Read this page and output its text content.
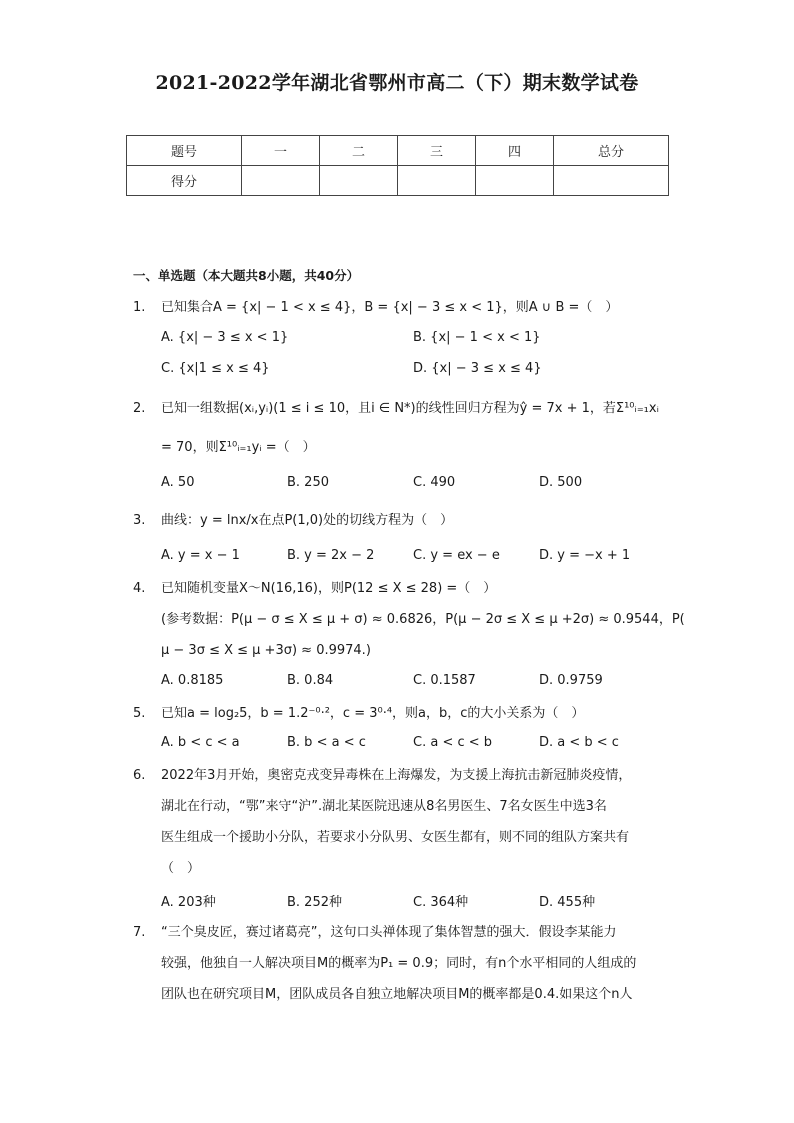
2021-2022学年湖北省鄂州市高二（下）期末数学试卷
题号	一	二	三	四	总分
得分					
一、单选题（本大题共8小题，共40分）
1.	已知集合A = {x| − 1 < x ≤ 4}，B = {x| − 3 ≤ x < 1}，则A ∪ B =（　）
A. {x| − 3 ≤ x < 1}	B. {x| − 1 < x < 1}
C. {x|1 ≤ x ≤ 4}	D. {x| − 3 ≤ x ≤ 4}
2.	已知一组数据(xᵢ,yᵢ)(1 ≤ i ≤ 10，且i ∈ N*)的线性回归方程为ŷ = 7x + 1，若Σ¹⁰ᵢ₌₁xᵢ
= 70，则Σ¹⁰ᵢ₌₁yᵢ =（　）
A. 50	B. 250	C. 490	D. 500
3.	曲线：y = lnx/x在点P(1,0)处的切线方程为（　）
A. y = x − 1	B. y = 2x − 2	C. y = ex − e	D. y = −x + 1
4.	已知随机变量X～N(16,16)，则P(12 ≤ X ≤ 28) =（　）
(参考数据：P(μ − σ ≤ X ≤ μ + σ) ≈ 0.6826，P(μ − 2σ ≤ X ≤ μ +2σ) ≈ 0.9544，P(
μ − 3σ ≤ X ≤ μ +3σ) ≈ 0.9974.)
A. 0.8185	B. 0.84	C. 0.1587	D. 0.9759
5.	已知a = log₂5，b = 1.2⁻⁰·²，c = 3⁰·⁴，则a，b，c的大小关系为（　）
A. b < c < a	B. b < a < c	C. a < c < b	D. a < b < c
6.	2022年3月开始，奥密克戎变异毒株在上海爆发，为支援上海抗击新冠肺炎疫情，
湖北在行动，“鄂”来守“沪”.湖北某医院迅速从8名男医生、7名女医生中选3名
医生组成一个援助小分队，若要求小分队男、女医生都有，则不同的组队方案共有
（　）
A. 203种	B. 252种	C. 364种	D. 455种
7.	“三个臭皮匠，赛过诸葛亮”，这句口头禅体现了集体智慧的强大．假设李某能力
较强，他独自一人解决项目M的概率为P₁ = 0.9；同时，有n个水平相同的人组成的
团队也在研究项目M，团队成员各自独立地解决项目M的概率都是0.4.如果这个n人
